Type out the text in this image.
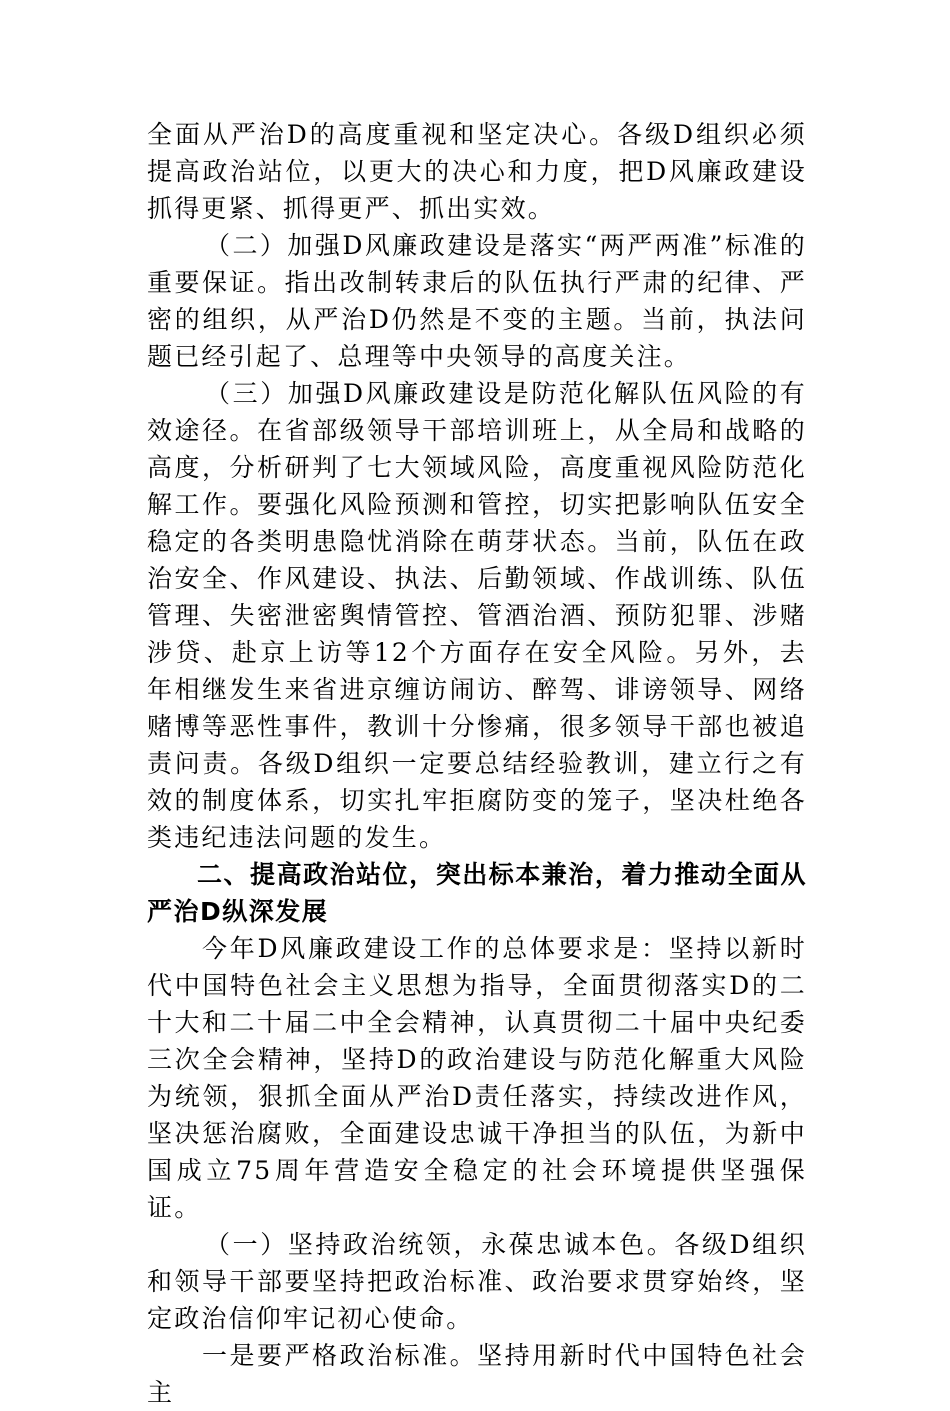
全面从严治D的高度重视和坚定决心。各级D组织必须提高政治站位，以更大的决心和力度，把D风廉政建设抓得更紧、抓得更严、抓出实效。

（二）加强D风廉政建设是落实“两严两准”标准的重要保证。指出改制转隶后的队伍执行严肃的纪律、严密的组织，从严治D仍然是不变的主题。当前，执法问题已经引起了、总理等中央领导的高度关注。

（三）加强D风廉政建设是防范化解队伍风险的有效途径。在省部级领导干部培训班上，从全局和战略的高度，分析研判了七大领域风险，高度重视风险防范化解工作。要强化风险预测和管控，切实把影响队伍安全稳定的各类明患隐忧消除在萌芽状态。当前，队伍在政治安全、作风建设、执法、后勤领域、作战训练、队伍管理、失密泄密舆情管控、管酒治酒、预防犯罪、涉赌涉贷、赴京上访等12个方面存在安全风险。另外，去年相继发生来省进京缠访闹访、醉驾、诽谤领导、网络赌博等恶性事件，教训十分惨痛，很多领导干部也被追责问责。各级D组织一定要总结经验教训，建立行之有效的制度体系，切实扎牢拒腐防变的笼子，坚决杜绝各类违纪违法问题的发生。

二、提高政治站位，突出标本兼治，着力推动全面从严治D纵深发展

今年D风廉政建设工作的总体要求是：坚持以新时代中国特色社会主义思想为指导，全面贯彻落实D的二十大和二十届二中全会精神，认真贯彻二十届中央纪委三次全会精神，坚持D的政治建设与防范化解重大风险为统领，狠抓全面从严治D责任落实，持续改进作风，坚决惩治腐败，全面建设忠诚干净担当的队伍，为新中国成立75周年营造安全稳定的社会环境提供坚强保证。

（一）坚持政治统领，永葆忠诚本色。各级D组织和领导干部要坚持把政治标准、政治要求贯穿始终，坚定政治信仰牢记初心使命。

一是要严格政治标准。坚持用新时代中国特色社会主
